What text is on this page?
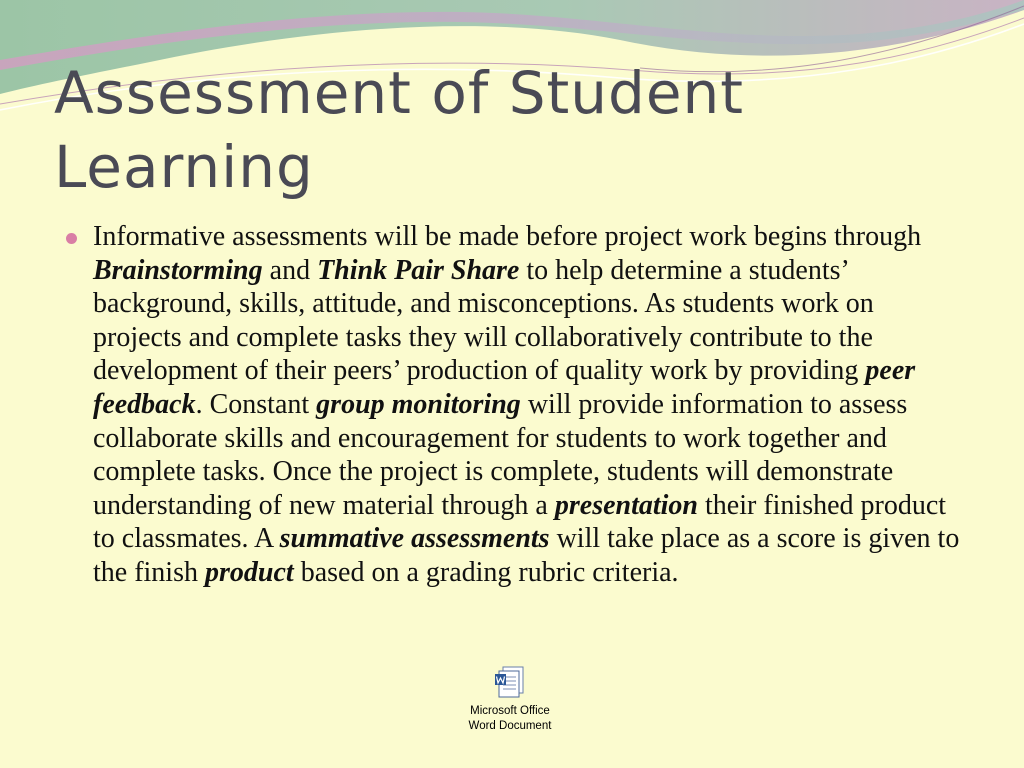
Assessment of Student
Learning

Informative assessments will be made before project work begins through Brainstorming and Think Pair Share to help determine a students’ background, skills, attitude, and misconceptions. As students work on projects and complete tasks they will collaboratively contribute to the development of their peers’ production of quality work by providing peer feedback. Constant group monitoring will provide information to assess collaborate skills and encouragement for students to work together and complete tasks. Once the project is complete, students will demonstrate understanding of new material through a presentation their finished product to classmates. A summative assessments will take place as a score is given to the finish product based on a grading rubric criteria.

Microsoft Office
Word Document
